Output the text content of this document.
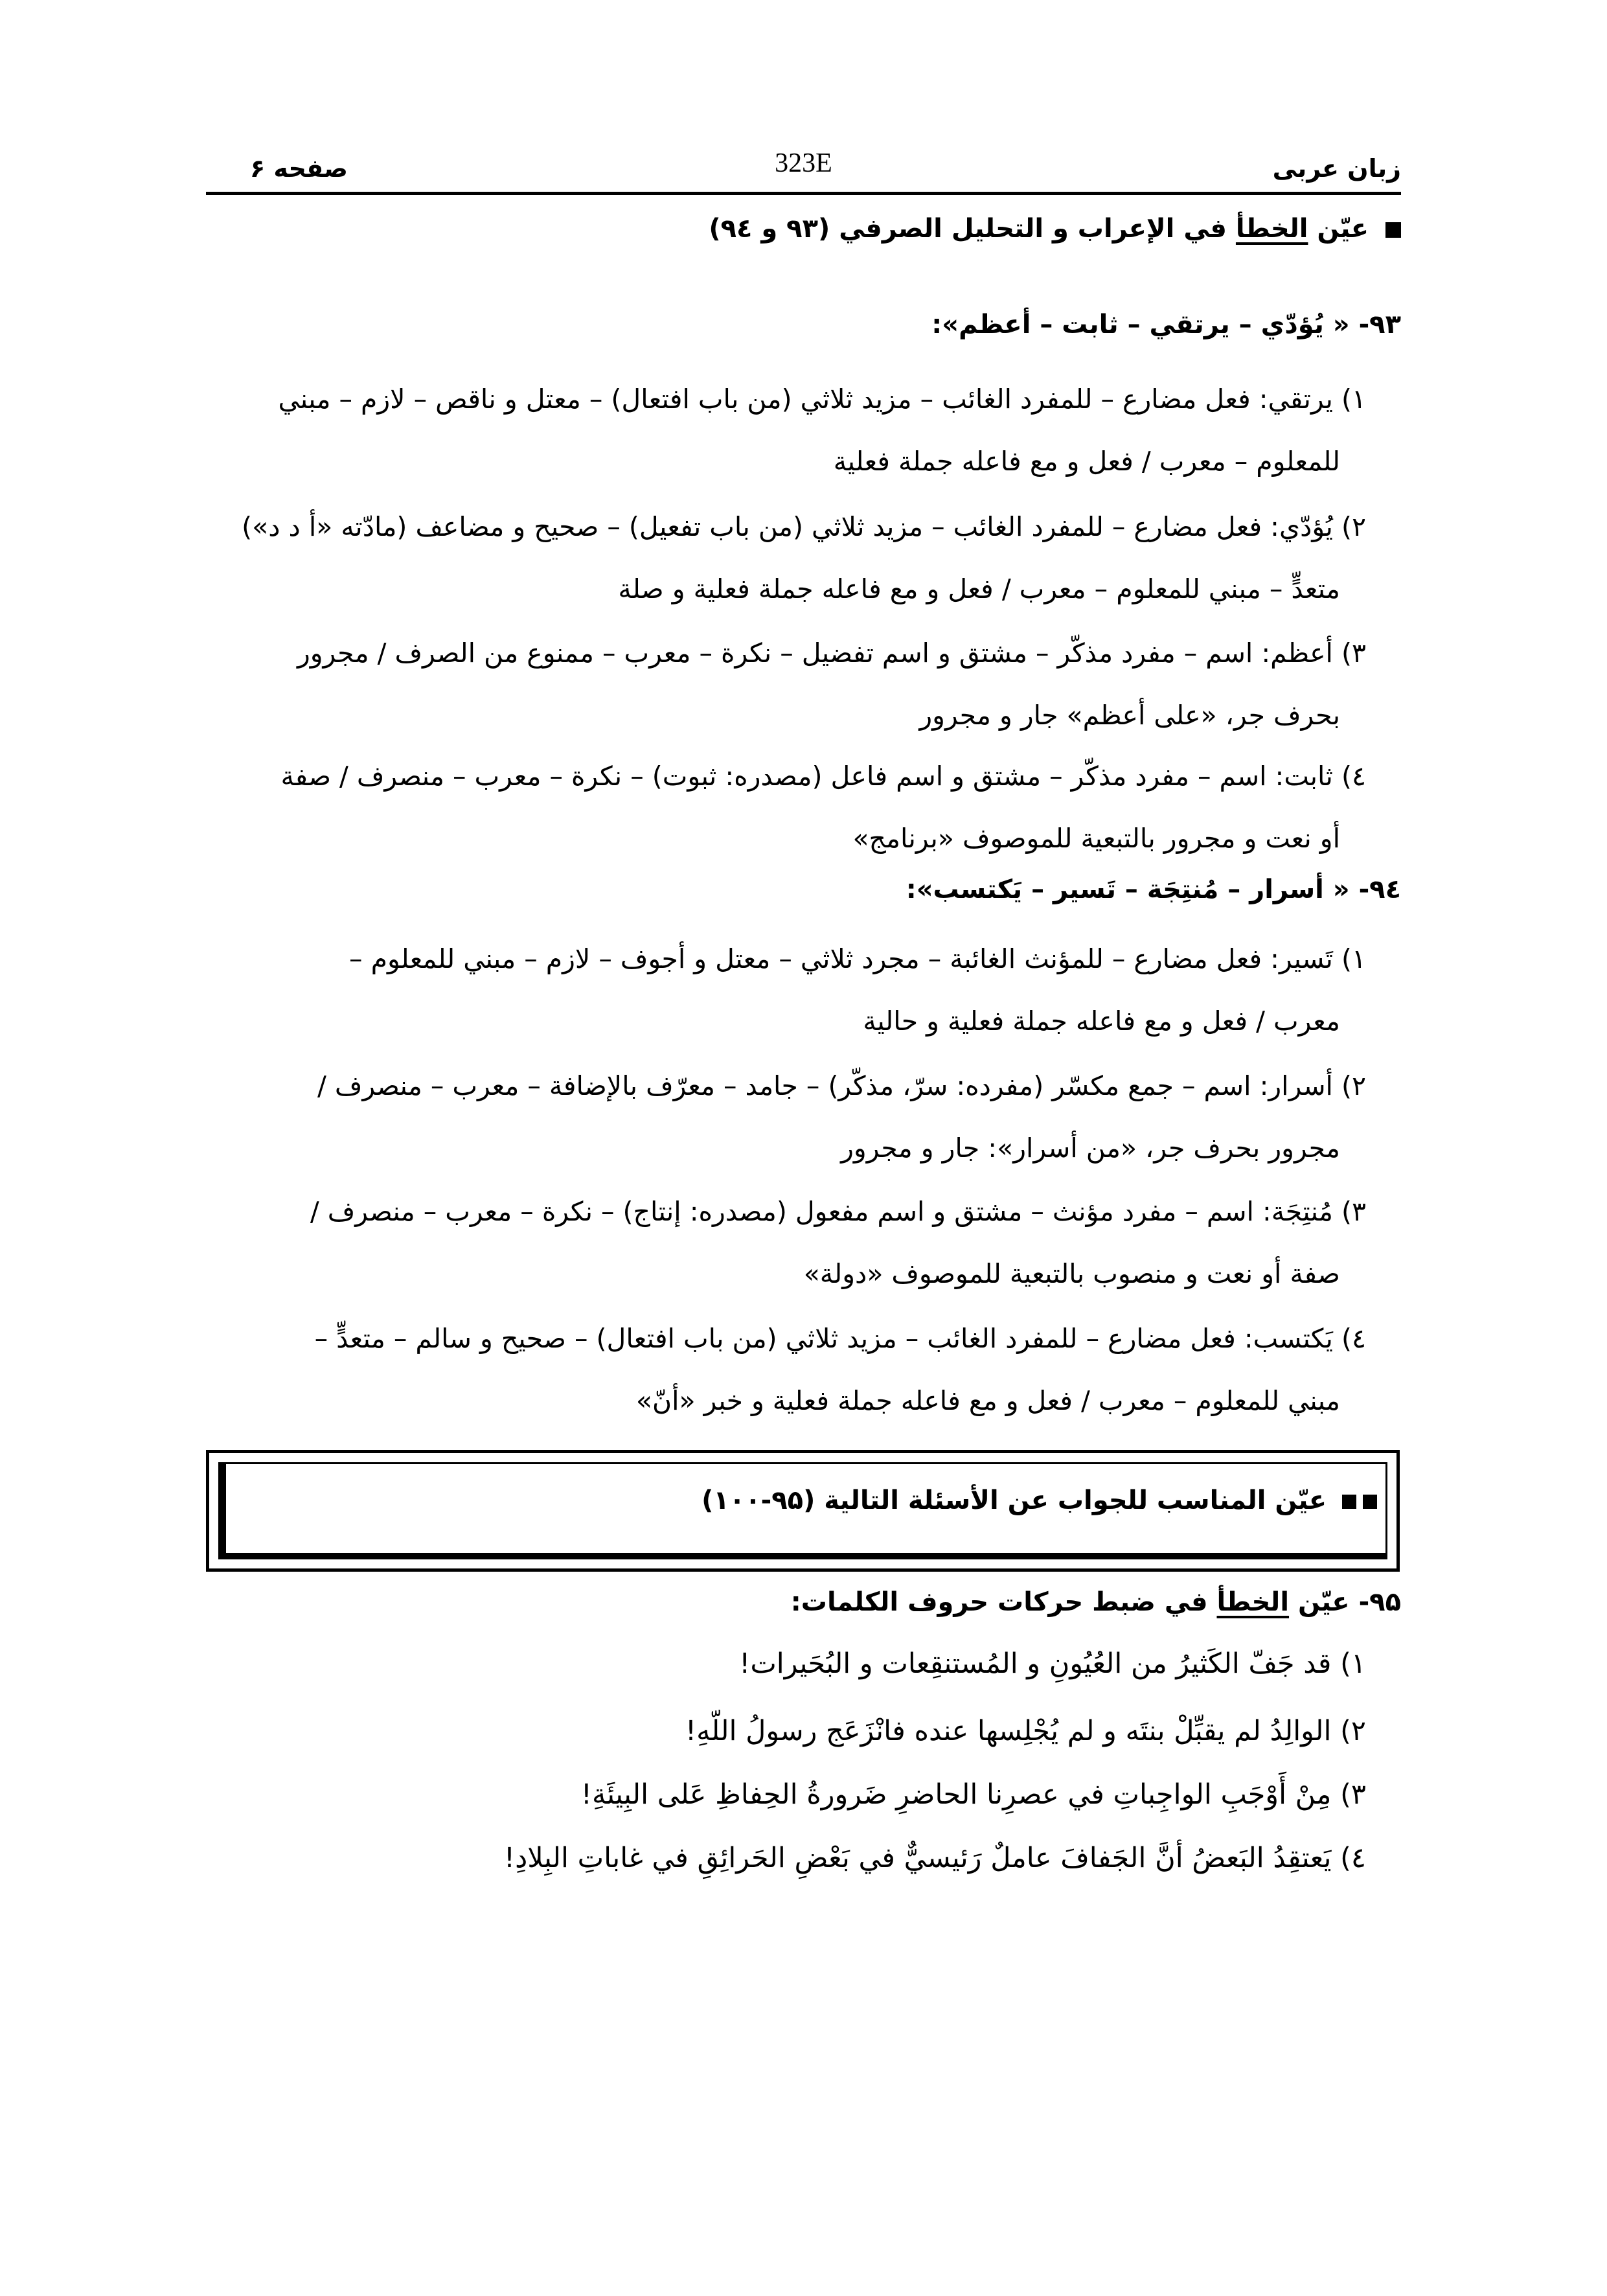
زبان عربی
323E
صفحه ۶
عیّن الخطأ في الإعراب و التحليل الصرفي (۹۳ و ۹٤)
۹۳- « يُؤدّي – يرتقي – ثابت – أعظم»:
۱) يرتقي: فعل مضارع – للمفرد الغائب – مزيد ثلاثي (من باب افتعال) – معتل و ناقص – لازم – مبني
للمعلوم – معرب / فعل و مع فاعله جملة فعلية
۲) يُؤدّي: فعل مضارع – للمفرد الغائب – مزيد ثلاثي (من باب تفعيل) – صحيح و مضاعف (مادّته «أ د د»)
متعدٍّ – مبني للمعلوم – معرب / فعل و مع فاعله جملة فعلية و صلة
۳) أعظم: اسم – مفرد مذكّر – مشتق و اسم تفضيل – نكرة – معرب – ممنوع من الصرف / مجرور
بحرف جر، «على أعظم» جار و مجرور
٤) ثابت: اسم – مفرد مذكّر – مشتق و اسم فاعل (مصدره: ثبوت) – نكرة – معرب – منصرف / صفة
أو نعت و مجرور بالتبعية للموصوف «برنامج»
۹٤- « أسرار – مُنتِجَة – تَسير – يَكتسب»:
۱) تَسير: فعل مضارع – للمؤنث الغائبة – مجرد ثلاثي – معتل و أجوف – لازم – مبني للمعلوم –
معرب / فعل و مع فاعله جملة فعلية و حالية
۲) أسرار: اسم – جمع مكسّر (مفرده: سرّ، مذكّر) – جامد – معرّف بالإضافة – معرب – منصرف /
مجرور بحرف جر، «من أسرار»: جار و مجرور
۳) مُنتِجَة: اسم – مفرد مؤنث – مشتق و اسم مفعول (مصدره: إنتاج) – نكرة – معرب – منصرف /
صفة أو نعت و منصوب بالتبعية للموصوف «دولة»
٤) يَكتسب: فعل مضارع – للمفرد الغائب – مزيد ثلاثي (من باب افتعال) – صحيح و سالم – متعدٍّ –
مبني للمعلوم – معرب / فعل و مع فاعله جملة فعلية و خبر «أنّ»
عيّن المناسب للجواب عن الأسئلة التالية (۹۵-۱۰۰)
۹۵- عيّن الخطأ في ضبط حركات حروف الكلمات:
۱) قد جَفّ الكَثيرُ من العُيُونِ و المُستنقِعات و البُحَيرات!
۲) الوالِدُ لم يقبِّلْ بنتَه و لم يُجْلِسها عنده فانْزَعَج رسولُ اللّهِ!
۳) مِنْ أَوْجَبِ الواجِباتِ في عصرِنا الحاضرِ ضَرورةُ الحِفاظِ عَلى البِيئَةِ!
٤) يَعتقِدُ البَعضُ أنَّ الجَفافَ عاملٌ رَئيسيٌّ في بَعْضِ الحَرائِقِ في غاباتِ البِلادِ!
